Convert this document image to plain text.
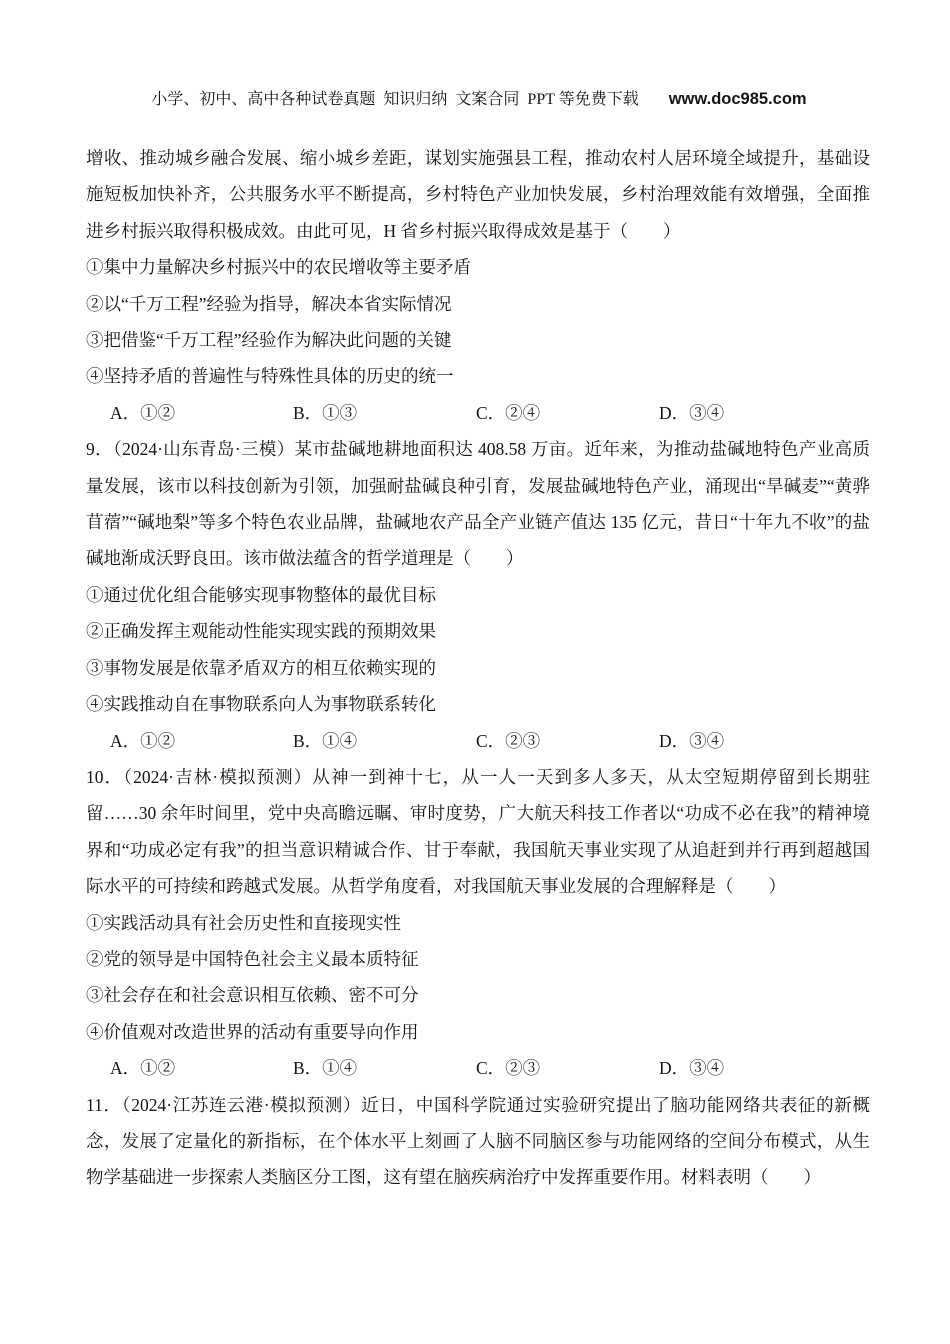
小学、初中、高中各种试卷真题  知识归纳  文案合同  PPT 等免费下载 www.doc985.com

增收、推动城乡融合发展、缩小城乡差距，谋划实施强县工程，推动农村人居环境全域提升，基础设施短板加快补齐，公共服务水平不断提高，乡村特色产业加快发展，乡村治理效能有效增强，全面推进乡村振兴取得积极成效。由此可见，H 省乡村振兴取得成效是基于（　　）

①集中力量解决乡村振兴中的农民增收等主要矛盾

②以“千万工程”经验为指导，解决本省实际情况

③把借鉴“千万工程”经验作为解决此问题的关键

④坚持矛盾的普遍性与特殊性具体的历史的统一

A．①②	B．①③	C．②④	D．③④

9．（2024·山东青岛·三模）某市盐碱地耕地面积达 408.58 万亩。近年来，为推动盐碱地特色产业高质量发展，该市以科技创新为引领，加强耐盐碱良种引育，发展盐碱地特色产业，涌现出“旱碱麦”“黄骅苜蓿”“碱地梨”等多个特色农业品牌，盐碱地农产品全产业链产值达 135 亿元，昔日“十年九不收”的盐碱地渐成沃野良田。该市做法蕴含的哲学道理是（　　）

①通过优化组合能够实现事物整体的最优目标

②正确发挥主观能动性能实现实践的预期效果

③事物发展是依靠矛盾双方的相互依赖实现的

④实践推动自在事物联系向人为事物联系转化

A．①②	B．①④	C．②③	D．③④

10．（2024·吉林·模拟预测）从神一到神十七，从一人一天到多人多天，从太空短期停留到长期驻留……30 余年时间里，党中央高瞻远瞩、审时度势，广大航天科技工作者以“功成不必在我”的精神境界和“功成必定有我”的担当意识精诚合作、甘于奉献，我国航天事业实现了从追赶到并行再到超越国际水平的可持续和跨越式发展。从哲学角度看，对我国航天事业发展的合理解释是（　　）

①实践活动具有社会历史性和直接现实性

②党的领导是中国特色社会主义最本质特征

③社会存在和社会意识相互依赖、密不可分

④价值观对改造世界的活动有重要导向作用

A．①②	B．①④	C．②③	D．③④

11．（2024·江苏连云港·模拟预测）近日，中国科学院通过实验研究提出了脑功能网络共表征的新概念，发展了定量化的新指标，在个体水平上刻画了人脑不同脑区参与功能网络的空间分布模式，从生物学基础进一步探索人类脑区分工图，这有望在脑疾病治疗中发挥重要作用。材料表明（　　）
